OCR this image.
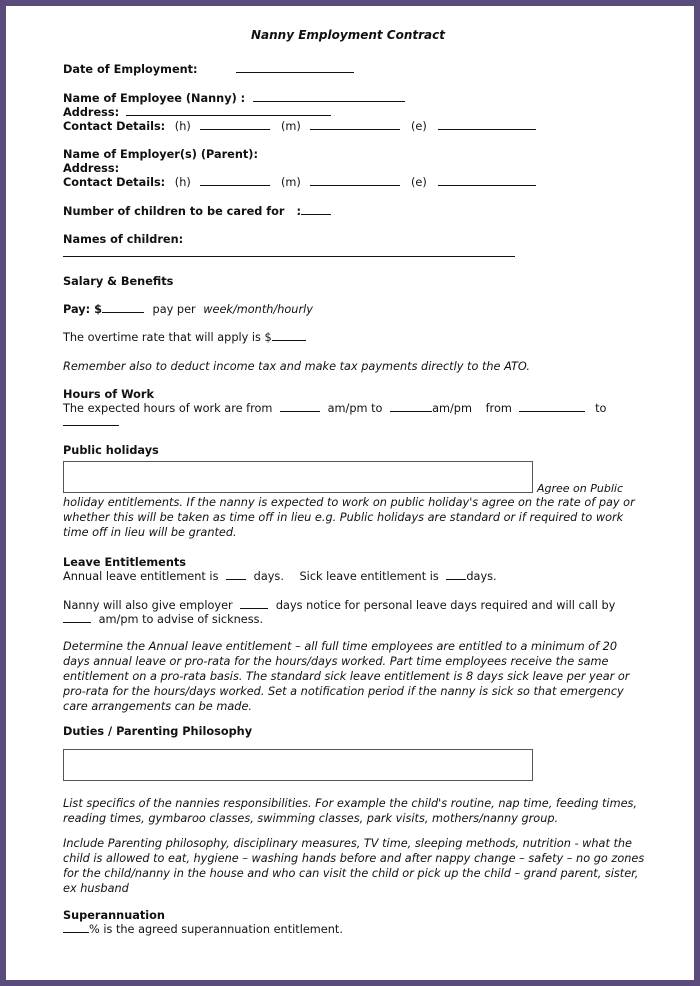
Nanny Employment Contract
Date of Employment:
Name of Employee (Nanny) :
Address:
Contact Details: (h)	(m)	(e)
Name of Employer(s) (Parent):
Address:
Contact Details: (h)	(m)	(e)
Number of children to be cared for :
Names of children:
Salary & Benefits
Pay: $	pay per week/month/hourly
The overtime rate that will apply is $
Remember also to deduct income tax and make tax payments directly to the ATO.
Hours of Work
The expected hours of work are from	am/pm to	am/pm from	to
Public holidays
Agree on Public
holiday entitlements. If the nanny is expected to work on public holiday's agree on the rate of pay or whether this will be taken as time off in lieu e.g. Public holidays are standard or if required to work time off in lieu will be granted.
Leave Entitlements
Annual leave entitlement is	days. Sick leave entitlement is days.
Nanny will also give employer	days notice for personal leave days required and will call by
am/pm to advise of sickness.
Determine the Annual leave entitlement – all full time employees are entitled to a minimum of 20 days annual leave or pro-rata for the hours/days worked. Part time employees receive the same entitlement on a pro-rata basis. The standard sick leave entitlement is 8 days sick leave per year or pro-rata for the hours/days worked. Set a notification period if the nanny is sick so that emergency care arrangements can be made.
Duties / Parenting Philosophy
List specifics of the nannies responsibilities. For example the child's routine, nap time, feeding times, reading times, gymbaroo classes, swimming classes, park visits, mothers/nanny group.
Include Parenting philosophy, disciplinary measures, TV time, sleeping methods, nutrition - what the child is allowed to eat, hygiene – washing hands before and after nappy change – safety – no go zones for the child/nanny in the house and who can visit the child or pick up the child – grand parent, sister, ex husband
Superannuation
% is the agreed superannuation entitlement.
